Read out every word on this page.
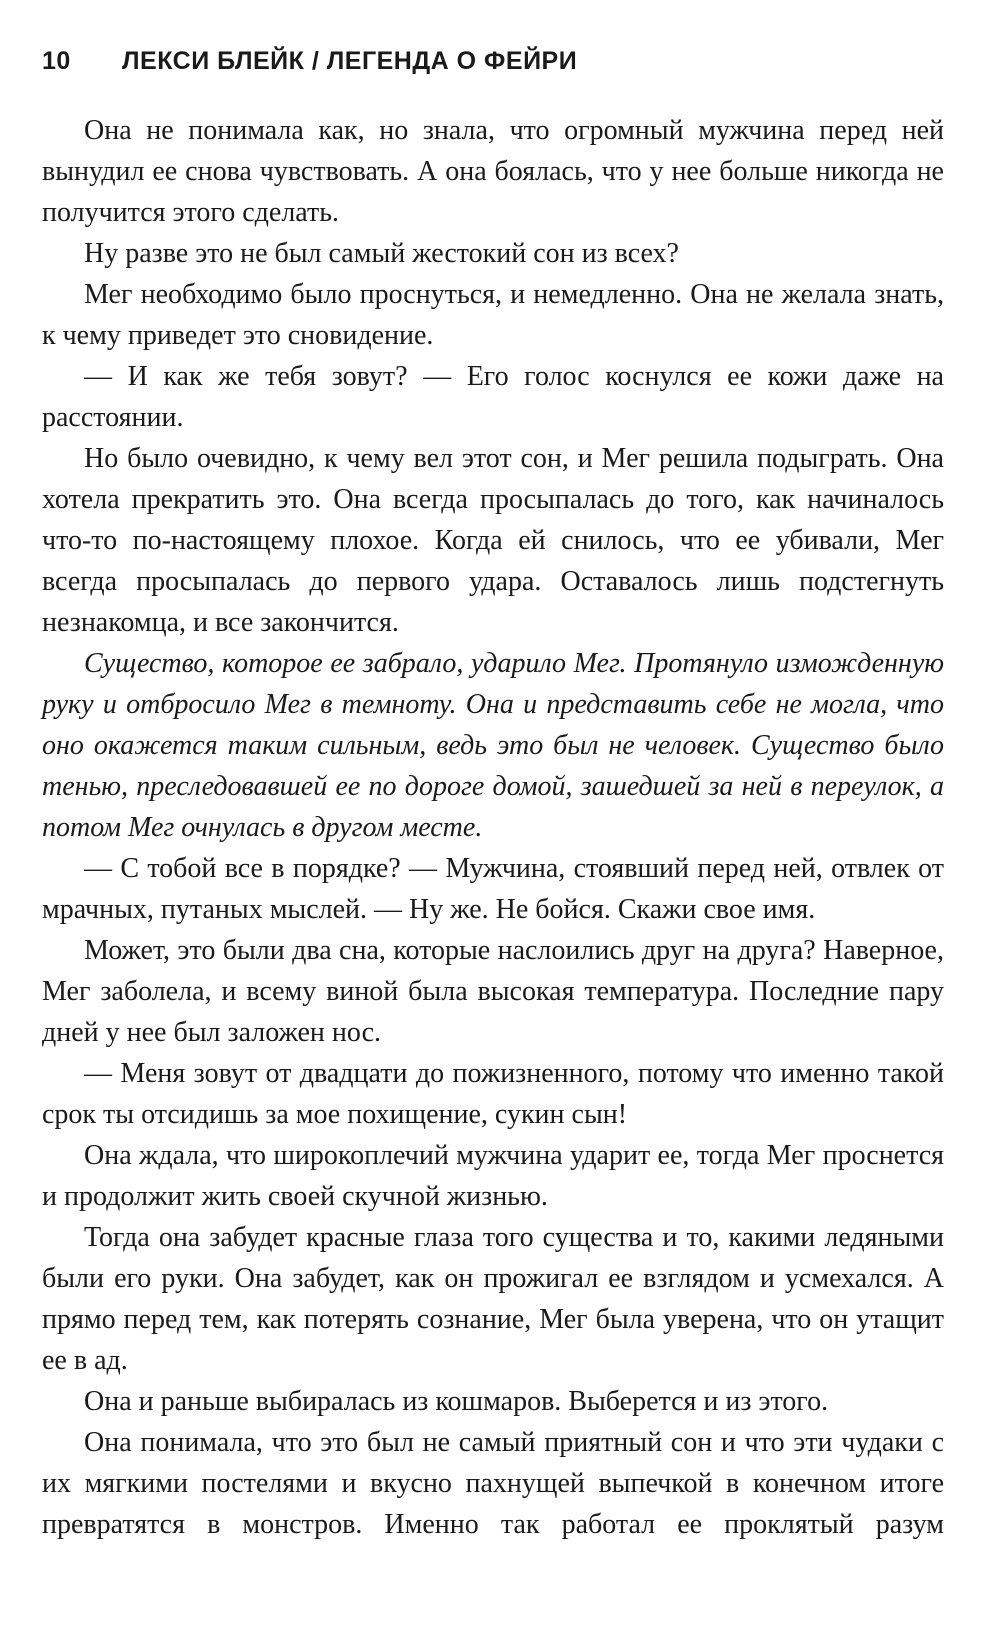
10 ЛЕКСИ БЛЕЙК / ЛЕГЕНДА О ФЕЙРИ

Она не понимала как, но знала, что огромный мужчина перед ней вынудил ее снова чувствовать. А она боялась, что у нее больше никогда не получится этого сделать.

Ну разве это не был самый жестокий сон из всех?

Мег необходимо было проснуться, и немедленно. Она не желала знать, к чему приведет это сновидение.

— И как же тебя зовут? — Его голос коснулся ее кожи даже на расстоянии.

Но было очевидно, к чему вел этот сон, и Мег решила подыграть. Она хотела прекратить это. Она всегда просыпалась до того, как начиналось что-то по-настоящему плохое. Когда ей снилось, что ее убивали, Мег всегда просыпалась до первого удара. Оставалось лишь подстегнуть незнакомца, и все закончится.

Существо, которое ее забрало, ударило Мег. Протянуло изможденную руку и отбросило Мег в темноту. Она и представить себе не могла, что оно окажется таким сильным, ведь это был не человек. Существо было тенью, преследовавшей ее по дороге домой, зашедшей за ней в переулок, а потом Мег очнулась в другом месте.

— С тобой все в порядке? — Мужчина, стоявший перед ней, отвлек от мрачных, путаных мыслей. — Ну же. Не бойся. Скажи свое имя.

Может, это были два сна, которые наслоились друг на друга? Наверное, Мег заболела, и всему виной была высокая температура. Последние пару дней у нее был заложен нос.

— Меня зовут от двадцати до пожизненного, потому что именно такой срок ты отсидишь за мое похищение, сукин сын!

Она ждала, что широкоплечий мужчина ударит ее, тогда Мег проснется и продолжит жить своей скучной жизнью.

Тогда она забудет красные глаза того существа и то, какими ледяными были его руки. Она забудет, как он прожигал ее взглядом и усмехался. А прямо перед тем, как потерять сознание, Мег была уверена, что он утащит ее в ад.

Она и раньше выбиралась из кошмаров. Выберется и из этого.

Она понимала, что это был не самый приятный сон и что эти чудаки с их мягкими постелями и вкусно пахнущей выпечкой в конечном итоге превратятся в монстров. Именно так работал ее проклятый разум
